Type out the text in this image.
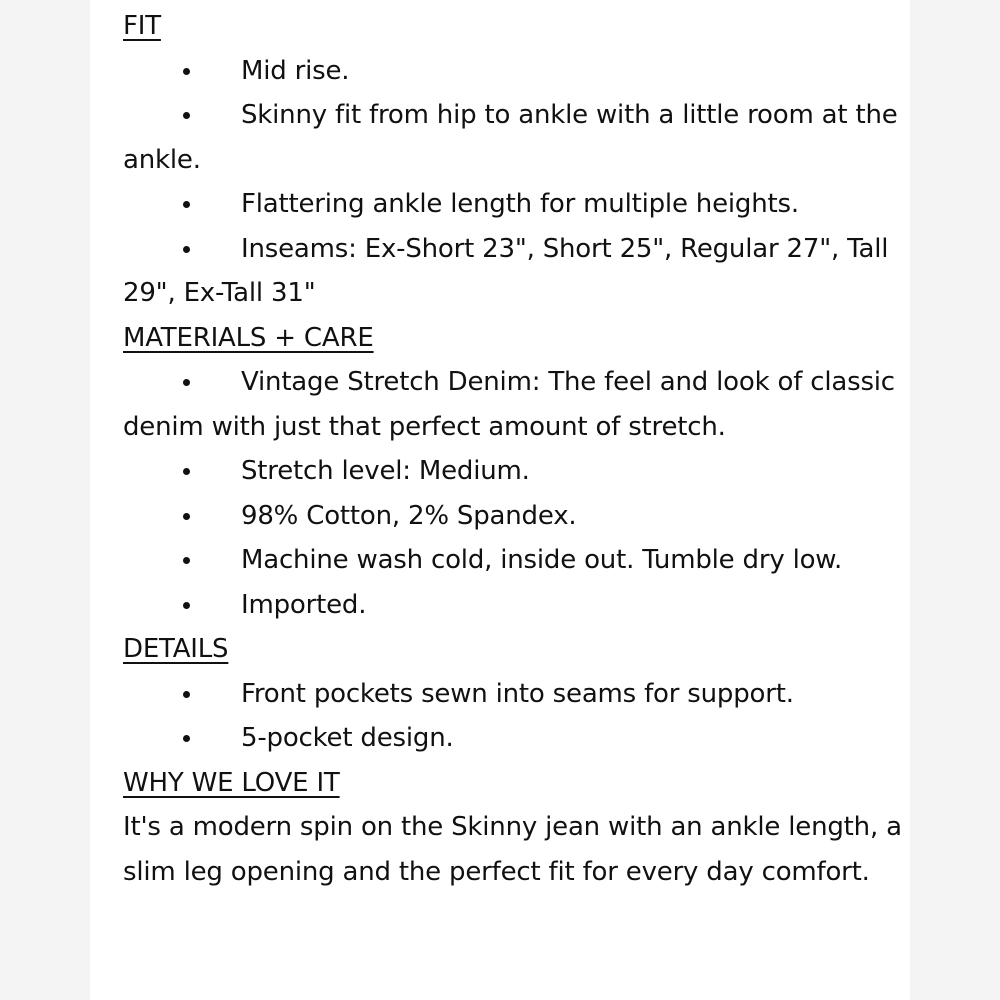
FIT
Mid rise.
Skinny fit from hip to ankle with a little room at the ankle.
Flattering ankle length for multiple heights.
Inseams: Ex-Short 23", Short 25", Regular 27", Tall 29", Ex-Tall 31"
MATERIALS + CARE
Vintage Stretch Denim: The feel and look of classic denim with just that perfect amount of stretch.
Stretch level: Medium.
98% Cotton, 2% Spandex.
Machine wash cold, inside out. Tumble dry low.
Imported.
DETAILS
Front pockets sewn into seams for support.
5-pocket design.
WHY WE LOVE IT

It's a modern spin on the Skinny jean with an ankle length, a slim leg opening and the perfect fit for every day comfort.
